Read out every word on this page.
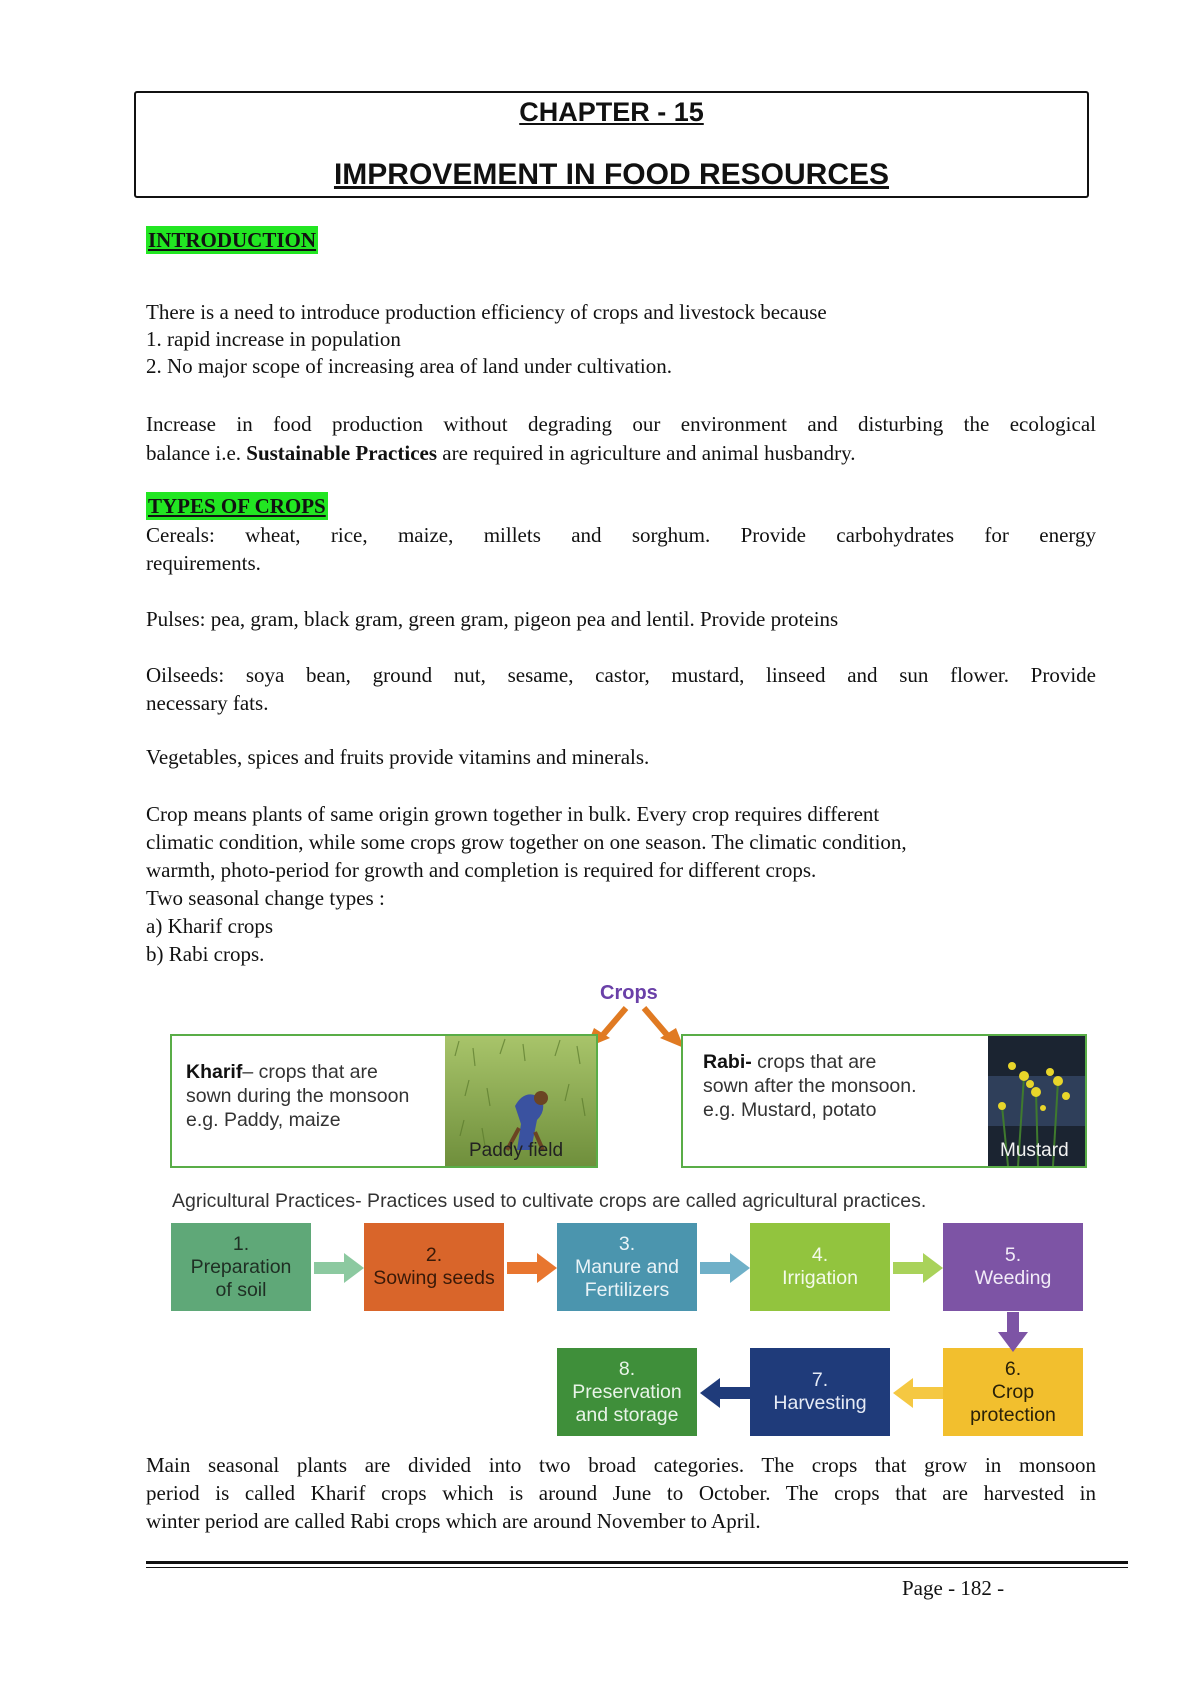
CHAPTER - 15
IMPROVEMENT IN FOOD RESOURCES
INTRODUCTION
There is a need to introduce production efficiency of crops and livestock because
1. rapid increase in population
2. No major scope of increasing area of land under cultivation.
Increase in food production without degrading our environment and disturbing the ecological
balance i.e. Sustainable Practices are required in agriculture and animal husbandry.
TYPES OF CROPS
Cereals: wheat, rice, maize, millets and sorghum. Provide carbohydrates for energy
requirements.
Pulses: pea, gram, black gram, green gram, pigeon pea and lentil. Provide proteins
Oilseeds: soya bean, ground nut, sesame, castor, mustard, linseed and sun flower. Provide
necessary fats.
Vegetables, spices and fruits provide vitamins and minerals.
Crop means plants of same origin grown together in bulk. Every crop requires different
climatic condition, while some crops grow together on one season. The climatic condition,
warmth, photo-period for growth and completion is required for different crops.
Two seasonal change types :
a) Kharif crops
b) Rabi crops.
Crops
Kharif– crops that are
sown during the monsoon
e.g. Paddy, maize
Paddy field
Rabi- crops that are
sown after the monsoon.
e.g. Mustard, potato
Mustard
Agricultural Practices- Practices used to cultivate crops are called agricultural practices.
1.
Preparation
of soil
2.
Sowing seeds
3.
Manure and
Fertilizers
4.
Irrigation
5.
Weeding
6.
Crop
protection
7.
Harvesting
8.
Preservation
and storage
Main seasonal plants are divided into two broad categories. The crops that grow in monsoon
period is called Kharif crops which is around June to October. The crops that are harvested in
winter period are called Rabi crops which are around November to April.
Page - 182 -
